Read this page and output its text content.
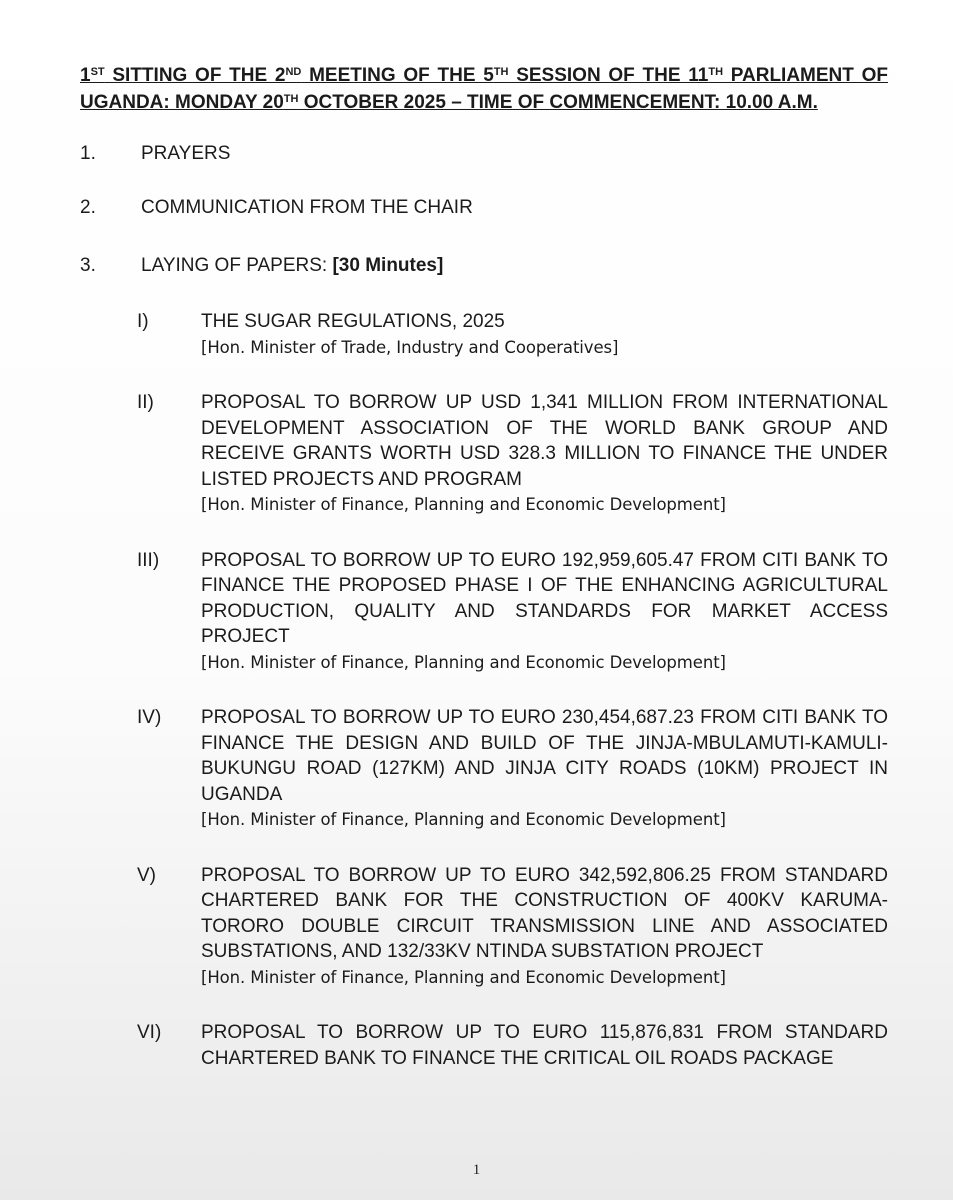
1ST SITTING OF THE 2ND MEETING OF THE 5TH SESSION OF THE 11TH PARLIAMENT OF UGANDA: MONDAY 20TH OCTOBER 2025 – TIME OF COMMENCEMENT: 10.00 A.M.
1. PRAYERS
2. COMMUNICATION FROM THE CHAIR
3. LAYING OF PAPERS: [30 Minutes]
I)	THE SUGAR REGULATIONS, 2025
[Hon. Minister of Trade, Industry and Cooperatives]
II) PROPOSAL TO BORROW UP USD 1,341 MILLION FROM INTERNATIONAL DEVELOPMENT ASSOCIATION OF THE WORLD BANK GROUP AND RECEIVE GRANTS WORTH USD 328.3 MILLION TO FINANCE THE UNDER LISTED PROJECTS AND PROGRAM
[Hon. Minister of Finance, Planning and Economic Development]
III) PROPOSAL TO BORROW UP TO EURO 192,959,605.47 FROM CITI BANK TO FINANCE THE PROPOSED PHASE I OF THE ENHANCING AGRICULTURAL PRODUCTION, QUALITY AND STANDARDS FOR MARKET ACCESS PROJECT
[Hon. Minister of Finance, Planning and Economic Development]
IV) PROPOSAL TO BORROW UP TO EURO 230,454,687.23 FROM CITI BANK TO FINANCE THE DESIGN AND BUILD OF THE JINJA-MBULAMUTI-KAMULI-BUKUNGU ROAD (127KM) AND JINJA CITY ROADS (10KM) PROJECT IN UGANDA
[Hon. Minister of Finance, Planning and Economic Development]
V) PROPOSAL TO BORROW UP TO EURO 342,592,806.25 FROM STANDARD CHARTERED BANK FOR THE CONSTRUCTION OF 400KV KARUMA-TORORO DOUBLE CIRCUIT TRANSMISSION LINE AND ASSOCIATED SUBSTATIONS, AND 132/33KV NTINDA SUBSTATION PROJECT
[Hon. Minister of Finance, Planning and Economic Development]
VI) PROPOSAL TO BORROW UP TO EURO 115,876,831 FROM STANDARD CHARTERED BANK TO FINANCE THE CRITICAL OIL ROADS PACKAGE
1
